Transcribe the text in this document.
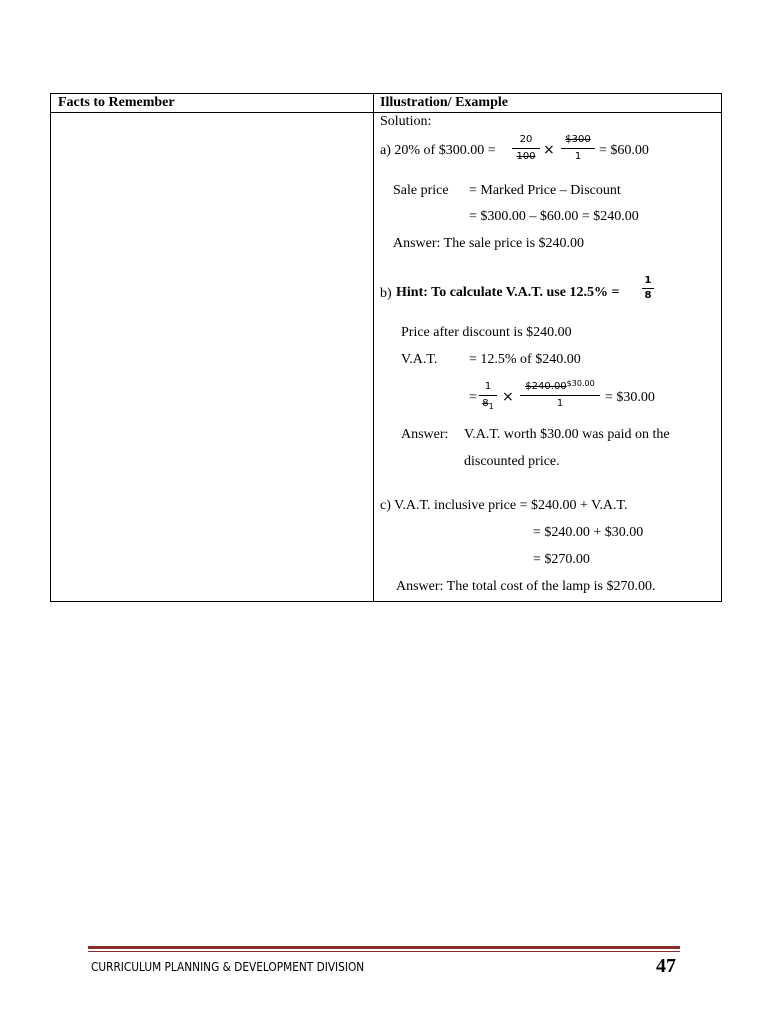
Facts to Remember	Illustration/ Example
Solution:
a) 20% of $300.00 = $\frac{20}{100} \times \frac{\$300}{1}$ = $60.00
Sale price = Marked Price – Discount
= $300.00 – $60.00 = $240.00
Answer: The sale price is $240.00
b) Hint: To calculate V.A.T. use $12.5\% = \frac{1}{8}$
Price after discount is $240.00
V.A.T. = 12.5% of $240.00
= $\frac{1}{8_1} \times \frac{\$240.00^{\$30.00}}{1}$ = $30.00
Answer: V.A.T. worth $30.00 was paid on the
discounted price.
c) V.A.T. inclusive price = $240.00 + V.A.T.
= $240.00 + $30.00
= $270.00
Answer: The total cost of the lamp is $270.00.
CURRICULUM PLANNING & DEVELOPMENT DIVISION	47
